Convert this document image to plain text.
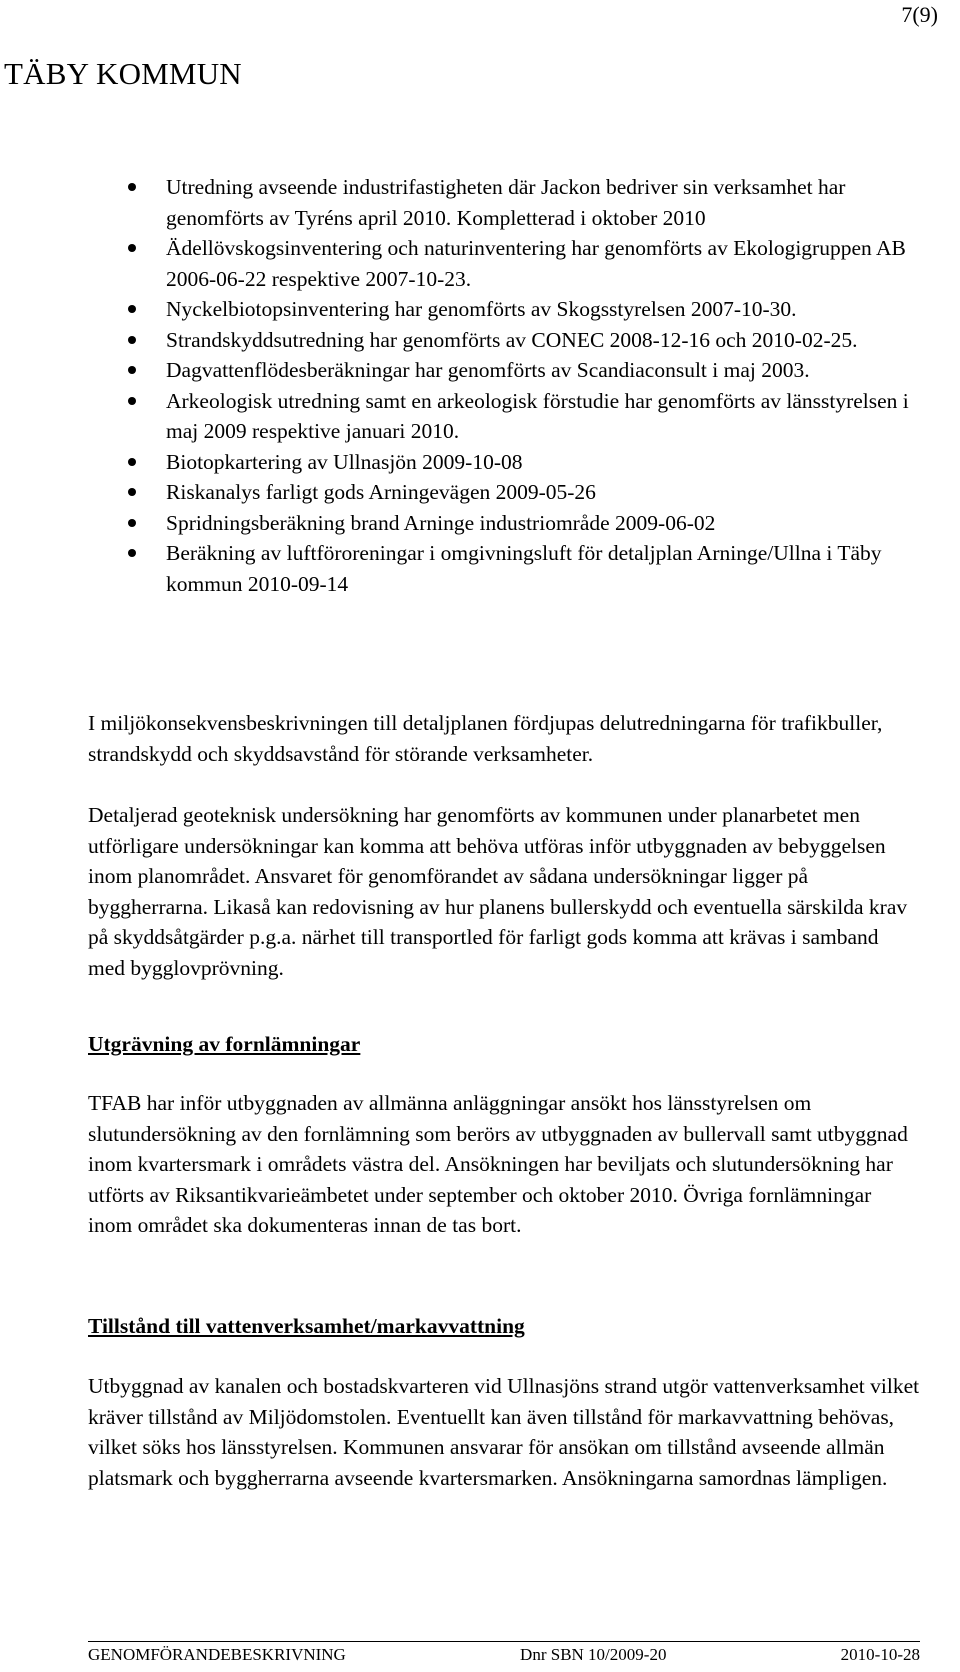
7(9)
TÄBY KOMMUN
Utredning avseende industrifastigheten där Jackon bedriver sin verksamhet har genomförts av Tyréns april 2010. Kompletterad i oktober 2010
Ädellövskogsinventering och naturinventering har genomförts av Ekologigruppen AB 2006-06-22 respektive 2007-10-23.
Nyckelbiotopsinventering har genomförts av Skogsstyrelsen 2007-10-30.
Strandskyddsutredning har genomförts av CONEC 2008-12-16 och 2010-02-25.
Dagvattenflödesberäkningar har genomförts av Scandiaconsult i maj 2003.
Arkeologisk utredning samt en arkeologisk förstudie har genomförts av länsstyrelsen i maj 2009 respektive januari 2010.
Biotopkartering av Ullnasjön 2009-10-08
Riskanalys farligt gods Arningevägen 2009-05-26
Spridningsberäkning brand Arninge industriområde 2009-06-02
Beräkning av luftföroreningar i omgivningsluft för detaljplan Arninge/Ullna i Täby kommun 2010-09-14

I miljökonsekvensbeskrivningen till detaljplanen fördjupas delutredningarna för trafikbuller, strandskydd och skyddsavstånd för störande verksamheter.

Detaljerad geoteknisk undersökning har genomförts av kommunen under planarbetet men utförligare undersökningar kan komma att behöva utföras inför utbyggnaden av bebyggelsen inom planområdet. Ansvaret för genomförandet av sådana undersökningar ligger på byggherrarna. Likaså kan redovisning av hur planens bullerskydd och eventuella särskilda krav på skyddsåtgärder p.g.a. närhet till transportled för farligt gods komma att krävas i samband med bygglovprövning.

Utgrävning av fornlämningar

TFAB har inför utbyggnaden av allmänna anläggningar ansökt hos länsstyrelsen om slutundersökning av den fornlämning som berörs av utbyggnaden av bullervall samt utbyggnad inom kvartersmark i områdets västra del. Ansökningen har beviljats och slutundersökning har utförts av Riksantikvarieämbetet under september och oktober 2010. Övriga fornlämningar inom området ska dokumenteras innan de tas bort.

Tillstånd till vattenverksamhet/markavvattning

Utbyggnad av kanalen och bostadskvarteren vid Ullnasjöns strand utgör vattenverksamhet vilket kräver tillstånd av Miljödomstolen. Eventuellt kan även tillstånd för markavvattning behövas, vilket söks hos länsstyrelsen. Kommunen ansvarar för ansökan om tillstånd avseende allmän platsmark och byggherrarna avseende kvartersmarken. Ansökningarna samordnas lämpligen.

GENOMFÖRANDEBESKRIVNING	Dnr SBN 10/2009-20	2010-10-28
